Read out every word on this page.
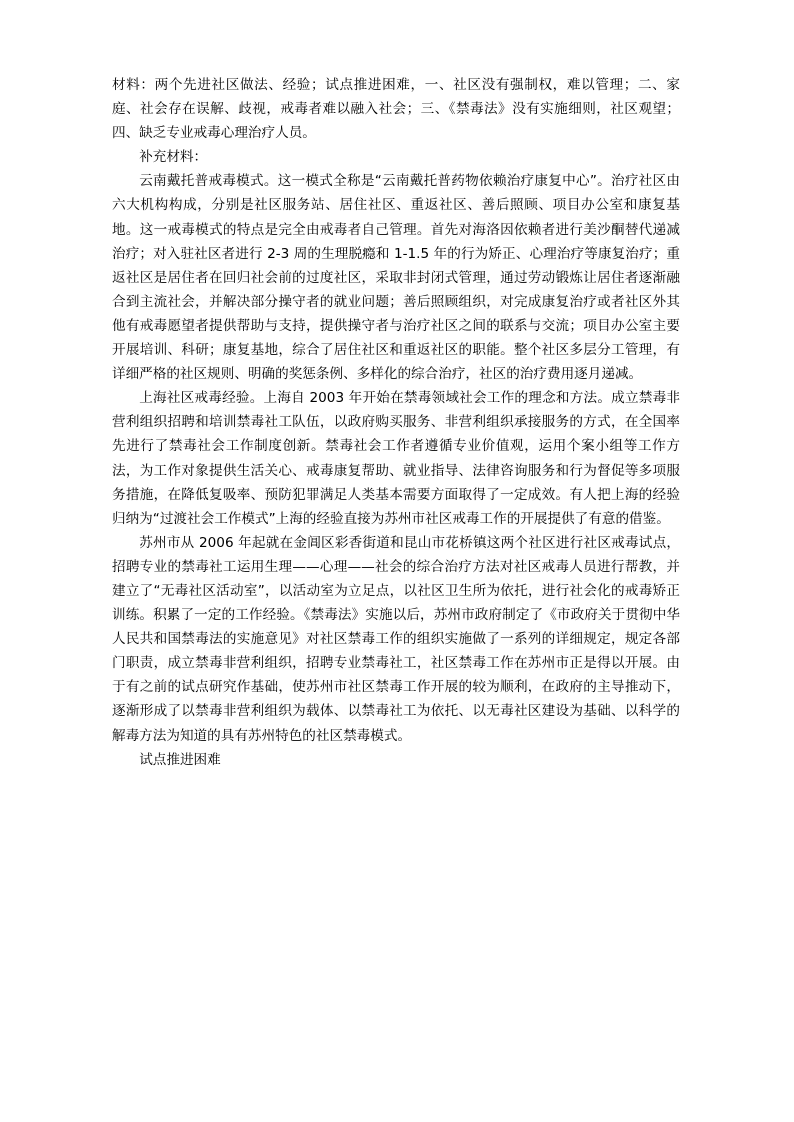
材料：两个先进社区做法、经验；试点推进困难，一、社区没有强制权，难以管理；二、家庭、社会存在误解、歧视，戒毒者难以融入社会；三、《禁毒法》没有实施细则，社区观望；四、缺乏专业戒毒心理治疗人员。

补充材料：

云南戴托普戒毒模式。这一模式全称是“云南戴托普药物依赖治疗康复中心”。治疗社区由六大机构构成，分别是社区服务站、居住社区、重返社区、善后照顾、项目办公室和康复基地。这一戒毒模式的特点是完全由戒毒者自己管理。首先对海洛因依赖者进行美沙酮替代递减治疗；对入驻社区者进行 2-3 周的生理脱瘾和 1-1.5 年的行为矫正、心理治疗等康复治疗；重返社区是居住者在回归社会前的过度社区，采取非封闭式管理，通过劳动锻炼让居住者逐渐融合到主流社会，并解决部分操守者的就业问题；善后照顾组织，对完成康复治疗或者社区外其他有戒毒愿望者提供帮助与支持，提供操守者与治疗社区之间的联系与交流；项目办公室主要开展培训、科研；康复基地，综合了居住社区和重返社区的职能。整个社区多层分工管理，有详细严格的社区规则、明确的奖惩条例、多样化的综合治疗，社区的治疗费用逐月递减。

上海社区戒毒经验。上海自 2003 年开始在禁毒领域社会工作的理念和方法。成立禁毒非营利组织招聘和培训禁毒社工队伍，以政府购买服务、非营利组织承接服务的方式，在全国率先进行了禁毒社会工作制度创新。禁毒社会工作者遵循专业价值观，运用个案小组等工作方法，为工作对象提供生活关心、戒毒康复帮助、就业指导、法律咨询服务和行为督促等多项服务措施，在降低复吸率、预防犯罪满足人类基本需要方面取得了一定成效。有人把上海的经验归纳为“过渡社会工作模式”上海的经验直接为苏州市社区戒毒工作的开展提供了有意的借鉴。

苏州市从 2006 年起就在金阊区彩香街道和昆山市花桥镇这两个社区进行社区戒毒试点，招聘专业的禁毒社工运用生理——心理——社会的综合治疗方法对社区戒毒人员进行帮教，并建立了“无毒社区活动室”，以活动室为立足点，以社区卫生所为依托，进行社会化的戒毒矫正训练。积累了一定的工作经验。《禁毒法》实施以后，苏州市政府制定了《市政府关于贯彻中华人民共和国禁毒法的实施意见》对社区禁毒工作的组织实施做了一系列的详细规定，规定各部门职责，成立禁毒非营利组织，招聘专业禁毒社工，社区禁毒工作在苏州市正是得以开展。由于有之前的试点研究作基础，使苏州市社区禁毒工作开展的较为顺利，在政府的主导推动下，逐渐形成了以禁毒非营利组织为载体、以禁毒社工为依托、以无毒社区建设为基础、以科学的解毒方法为知道的具有苏州特色的社区禁毒模式。

试点推进困难
